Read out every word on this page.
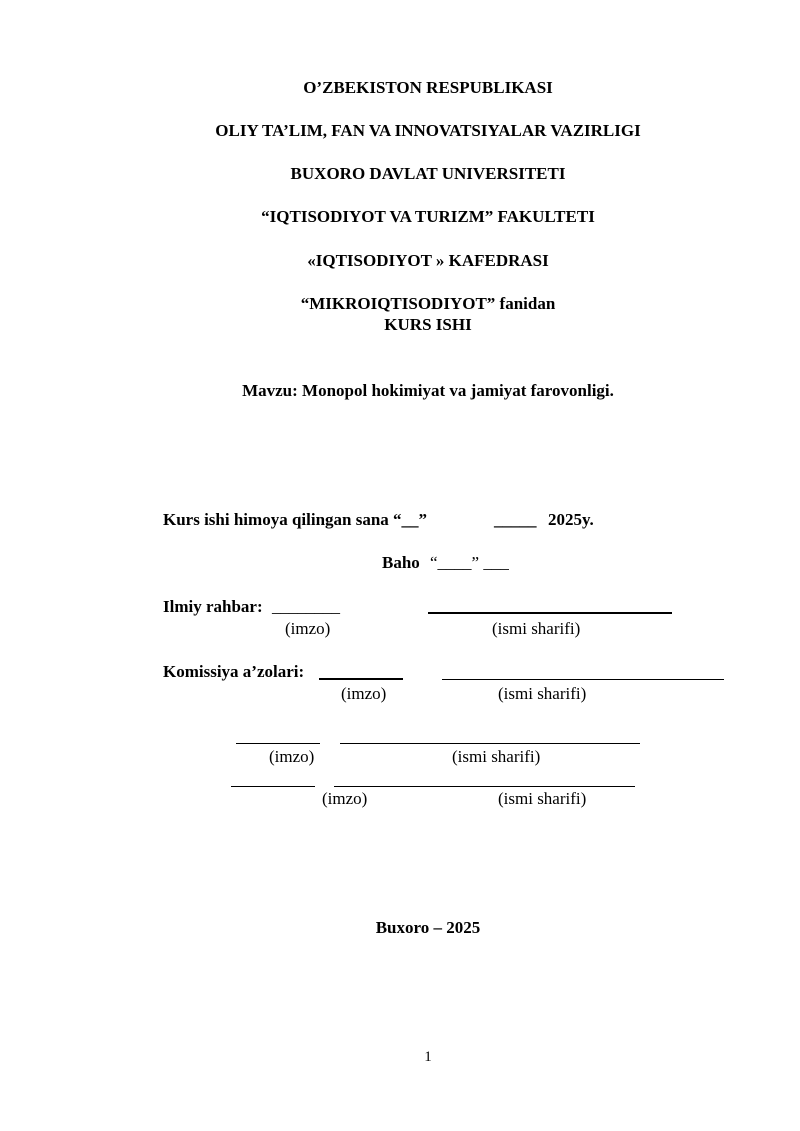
O’ZBEKISTON RESPUBLIKASI
OLIY TA’LIM, FAN VA INNOVATSIYALAR VAZIRLIGI
BUXORO DAVLAT UNIVERSITETI
“IQTISODIYOT VA TURIZM” FAKULTETI
«IQTISODIYOT » KAFEDRASI
“MIKROIQTISODIYOT” fanidan
KURS ISHI
Mavzu: Monopol hokimiyat va jamiyat farovonligi.
Kurs ishi himoya qilingan sana “__”	_____ 2025y.
Baho “____” ___
Ilmiy rahbar: ________
(imzo)	(ismi sharifi)
Komissiya a’zolari:
(imzo)	(ismi sharifi)
(imzo)	(ismi sharifi)
(imzo)	(ismi sharifi)
Buxoro – 2025
1
